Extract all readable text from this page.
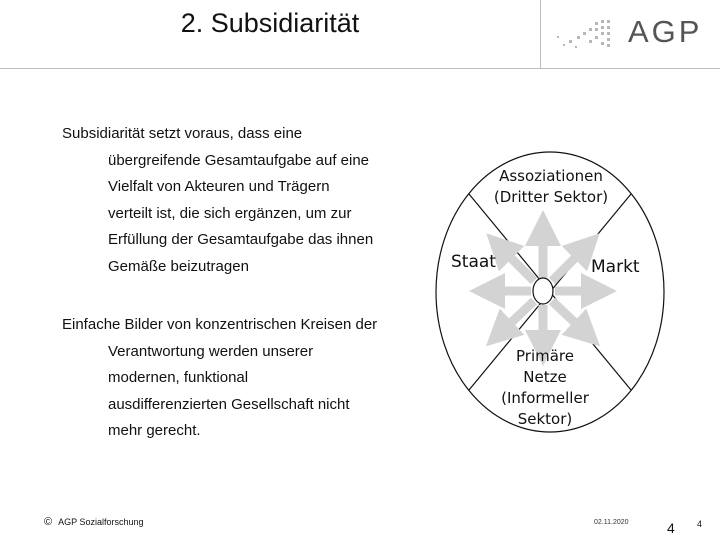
2. Subsidiarität	AGP
Subsidiarität setzt voraus, dass eine
übergreifende Gesamtaufgabe auf eine
Vielfalt von Akteuren und Trägern
verteilt ist, die sich ergänzen, um zur
Erfüllung der Gesamtaufgabe das ihnen
Gemäße beizutragen
Einfache Bilder von konzentrischen Kreisen der
Verantwortung werden unserer
modernen, funktional
ausdifferenzierten Gesellschaft nicht
mehr gerecht.
Assoziationen
(Dritter Sektor)
Staat	Markt
Primäre
Netze
(Informeller
Sektor)
© AGP Sozialforschung	02.11.2020	4 4
